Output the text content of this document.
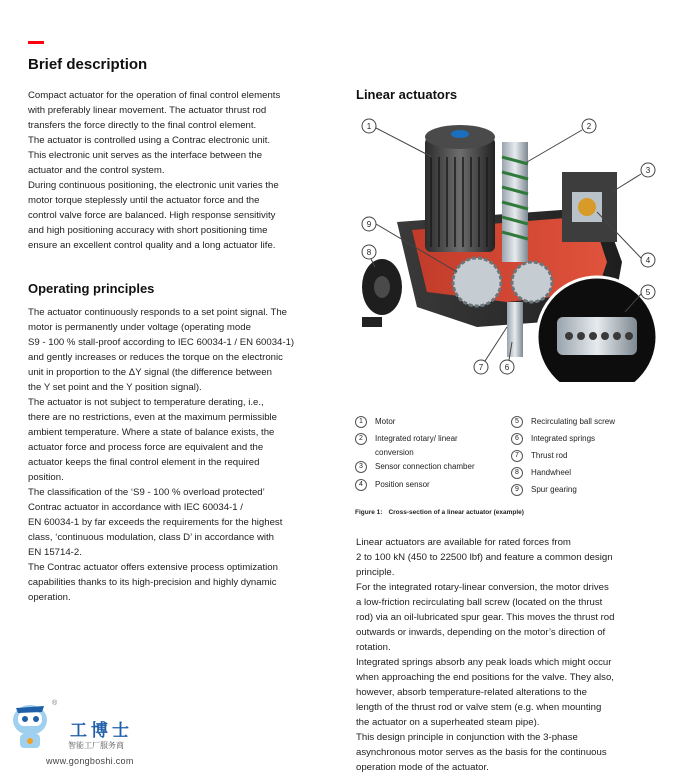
Brief description
Compact actuator for the operation of final control elements
with preferably linear movement. The actuator thrust rod
transfers the force directly to the final control element.
The actuator is controlled using a Contrac electronic unit.
This electronic unit serves as the interface between the
actuator and the control system.
During continuous positioning, the electronic unit varies the
motor torque steplessly until the actuator force and the
control valve force are balanced. High response sensitivity
and high positioning accuracy with short positioning time
ensure an excellent control quality and a long actuator life.
Operating principles
The actuator continuously responds to a set point signal. The
motor is permanently under voltage (operating mode
S9 - 100 % stall-proof according to IEC 60034-1 / EN 60034-1)
and gently increases or reduces the torque on the electronic
unit in proportion to the ΔY signal (the difference between
the Y set point and the Y position signal).
The actuator is not subject to temperature derating, i.e.,
there are no restrictions, even at the maximum permissible
ambient temperature. Where a state of balance exists, the
actuator force and process force are equivalent and the
actuator keeps the final control element in the required
position.
The classification of the ‘S9 - 100 % overload protected’
Contrac actuator in accordance with IEC 60034-1 /
EN 60034-1 by far exceeds the requirements for the highest
class, ‘continuous modulation, class D’ in accordance with
EN 15714-2.
The Contrac actuator offers extensive process optimization
capabilities thanks to its high-precision and highly dynamic
operation.
Linear actuators
1	2
3
4
5
6
7
8
9
1	Motor
2	Integrated rotary/ linear conversion
3	Sensor connection chamber
4	Position sensor
5	Recirculating ball screw
6	Integrated springs
7	Thrust rod
8	Handwheel
9	Spur gearing
Figure 1: Cross-section of a linear actuator (example)
Linear actuators are available for rated forces from
2 to 100 kN (450 to 22500 lbf) and feature a common design
principle.
For the integrated rotary-linear conversion, the motor drives
a low-friction recirculating ball screw (located on the thrust
rod) via an oil-lubricated spur gear. This moves the thrust rod
outwards or inwards, depending on the motor’s direction of
rotation.
Integrated springs absorb any peak loads which might occur
when approaching the end positions for the valve. They also,
however, absorb temperature-related alterations to the
length of the thrust rod or valve stem (e.g. when mounting
the actuator on a superheated steam pipe).
This design principle in conjunction with the 3-phase
asynchronous motor serves as the basis for the continuous
operation mode of the actuator.
®
工博士
智能工厂服务商
www.gongboshi.com
